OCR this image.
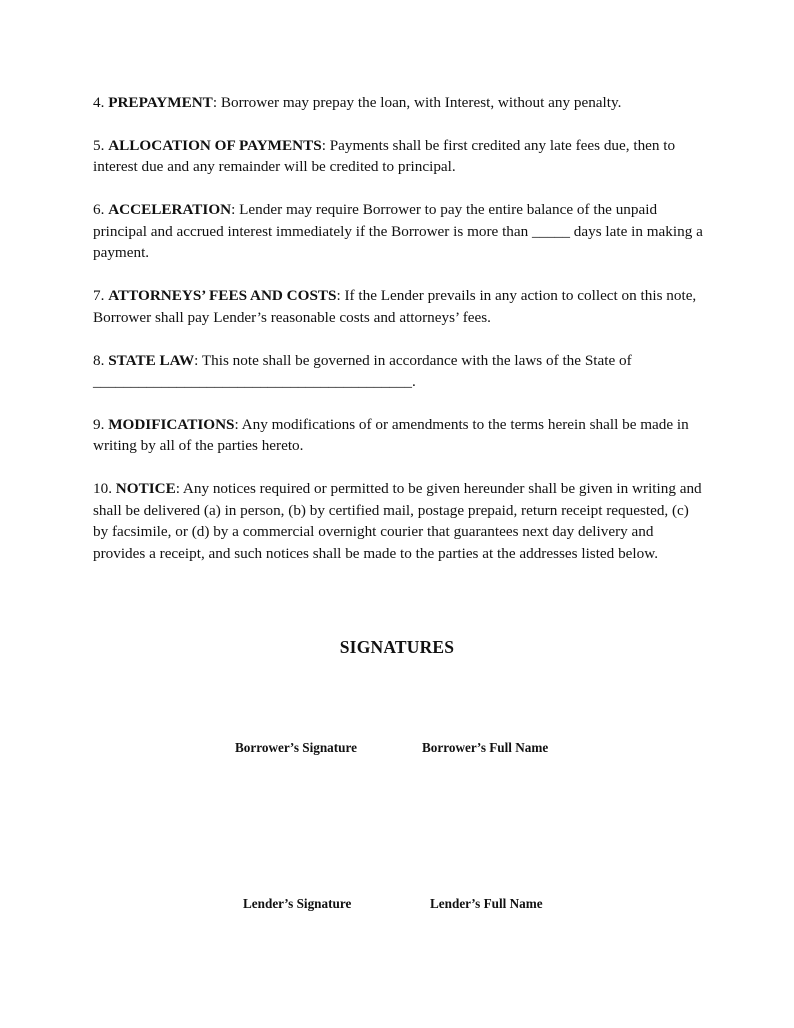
4. PREPAYMENT: Borrower may prepay the loan, with Interest, without any penalty.

5. ALLOCATION OF PAYMENTS: Payments shall be first credited any late fees due, then to interest due and any remainder will be credited to principal.

6. ACCELERATION: Lender may require Borrower to pay the entire balance of the unpaid principal and accrued interest immediately if the Borrower is more than _____ days late in making a payment.

7. ATTORNEYS’ FEES AND COSTS: If the Lender prevails in any action to collect on this note, Borrower shall pay Lender’s reasonable costs and attorneys’ fees.

8. STATE LAW: This note shall be governed in accordance with the laws of the State of __________________________________________.

9. MODIFICATIONS: Any modifications of or amendments to the terms herein shall be made in writing by all of the parties hereto.

10. NOTICE: Any notices required or permitted to be given hereunder shall be given in writing and shall be delivered (a) in person, (b) by certified mail, postage prepaid, return receipt requested, (c) by facsimile, or (d) by a commercial overnight courier that guarantees next day delivery and provides a receipt, and such notices shall be made to the parties at the addresses listed below.

SIGNATURES
Borrower’s Signature	Borrower’s Full Name
Lender’s Signature	Lender’s Full Name
